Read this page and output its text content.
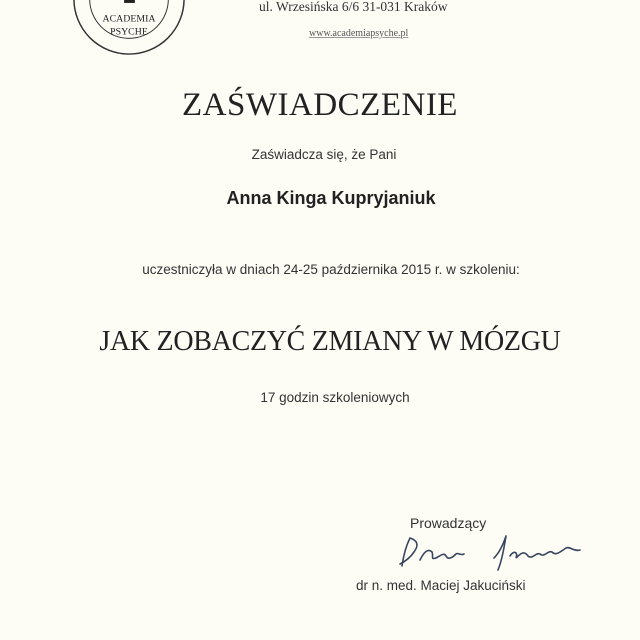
ACADEMIA
PSYCHE
ul. Wrzesińska 6/6 31-031 Kraków
www.academiapsyche.pl
ZAŚWIADCZENIE
Zaświadcza się, że Pani
Anna Kinga Kupryjaniuk
uczestniczyła w dniach 24-25 października 2015 r. w szkoleniu:
JAK ZOBACZYĆ ZMIANY W MÓZGU
17 godzin szkoleniowych
Prowadzący
dr n. med. Maciej Jakuciński
